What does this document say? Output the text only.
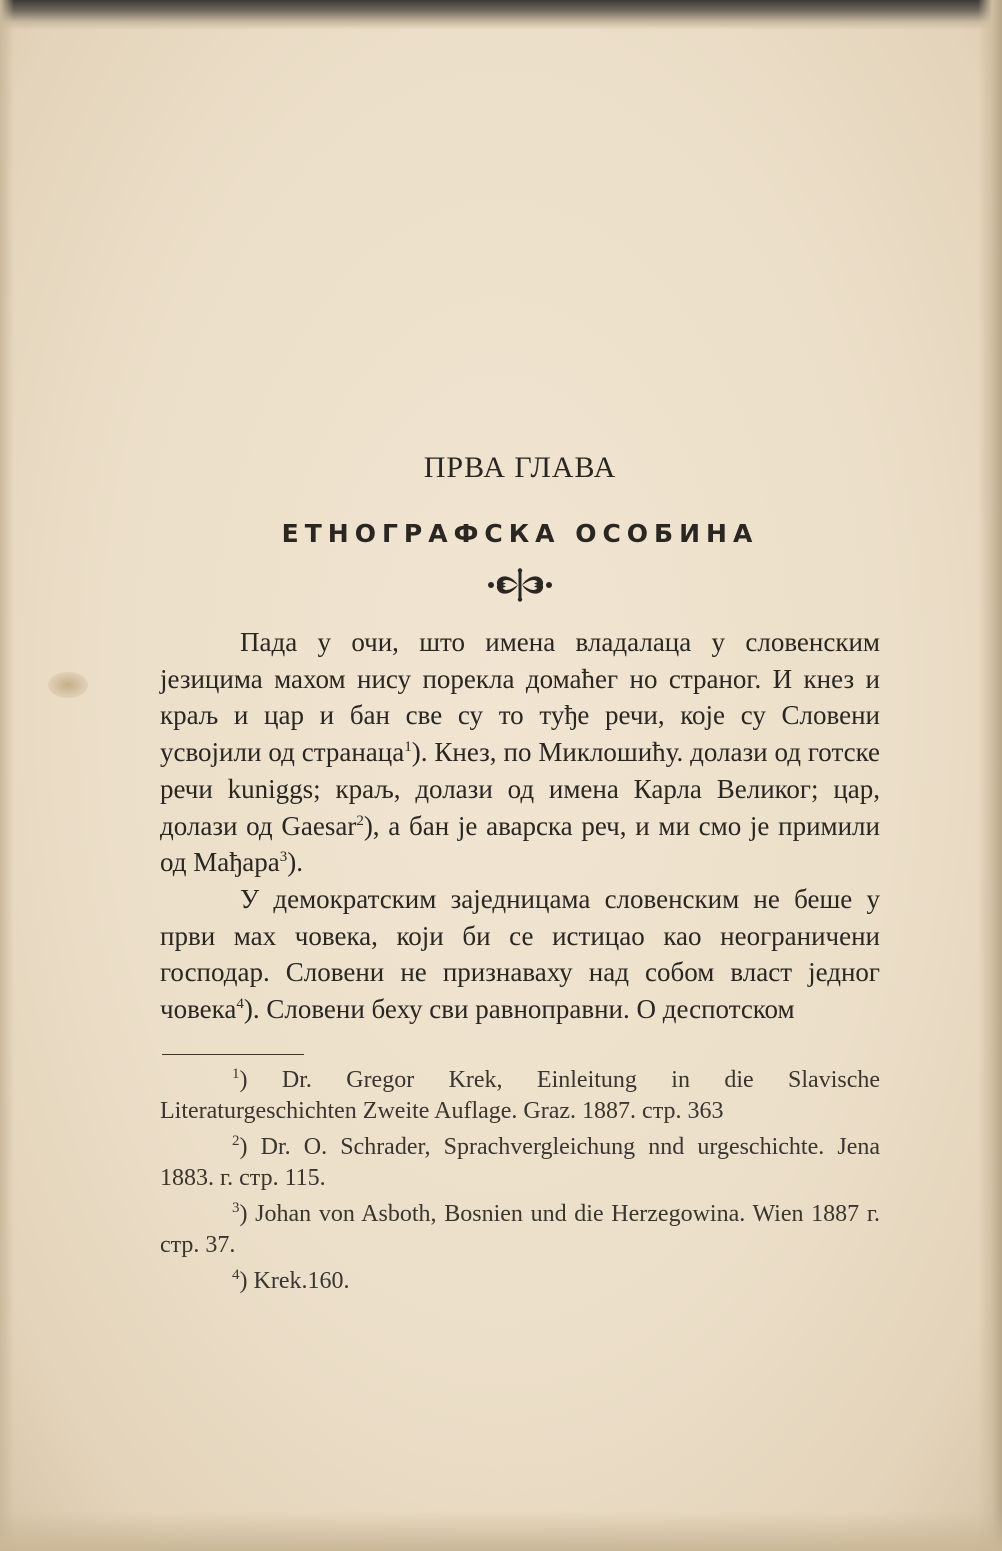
ПРВА ГЛАВА
ЕТНОГРАФСКА ОСОБИНА

Пада у очи, што имена владалаца у словенским језицима махом нису порекла домаћег но страног. И кнез и краљ и цар и бан све су то туђе речи, које су Словени усвојили од странаца$^1$). Кнез, по Миклошићу. долази од готске речи kuniggs; краљ, долази од имена Карла Великог; цар, долази од Gaesar$^2$), а бан је аварска реч, и ми смо је примили од Мађара$^3$).

У демократским заједницама словенским не беше у први мах човека, који би се истицао као неограничени господар. Словени не признаваху над собом власт једног човека$^4$). Словени беху сви равноправни. О деспотском

$^1$) Dr. Gregor Krek, Einleitung in die Slavische Literaturgeschichten Zweite Auflage. Graz. 1887. стр. 363

$^2$) Dr. O. Schrader, Sprachvergleichung nnd urgeschichte. Jena 1883. г. стр. 115.

$^3$) Johan von Asboth, Bosnien und die Herzegowina. Wien 1887 г. стр. 37.

$^4$) Krek.160.
